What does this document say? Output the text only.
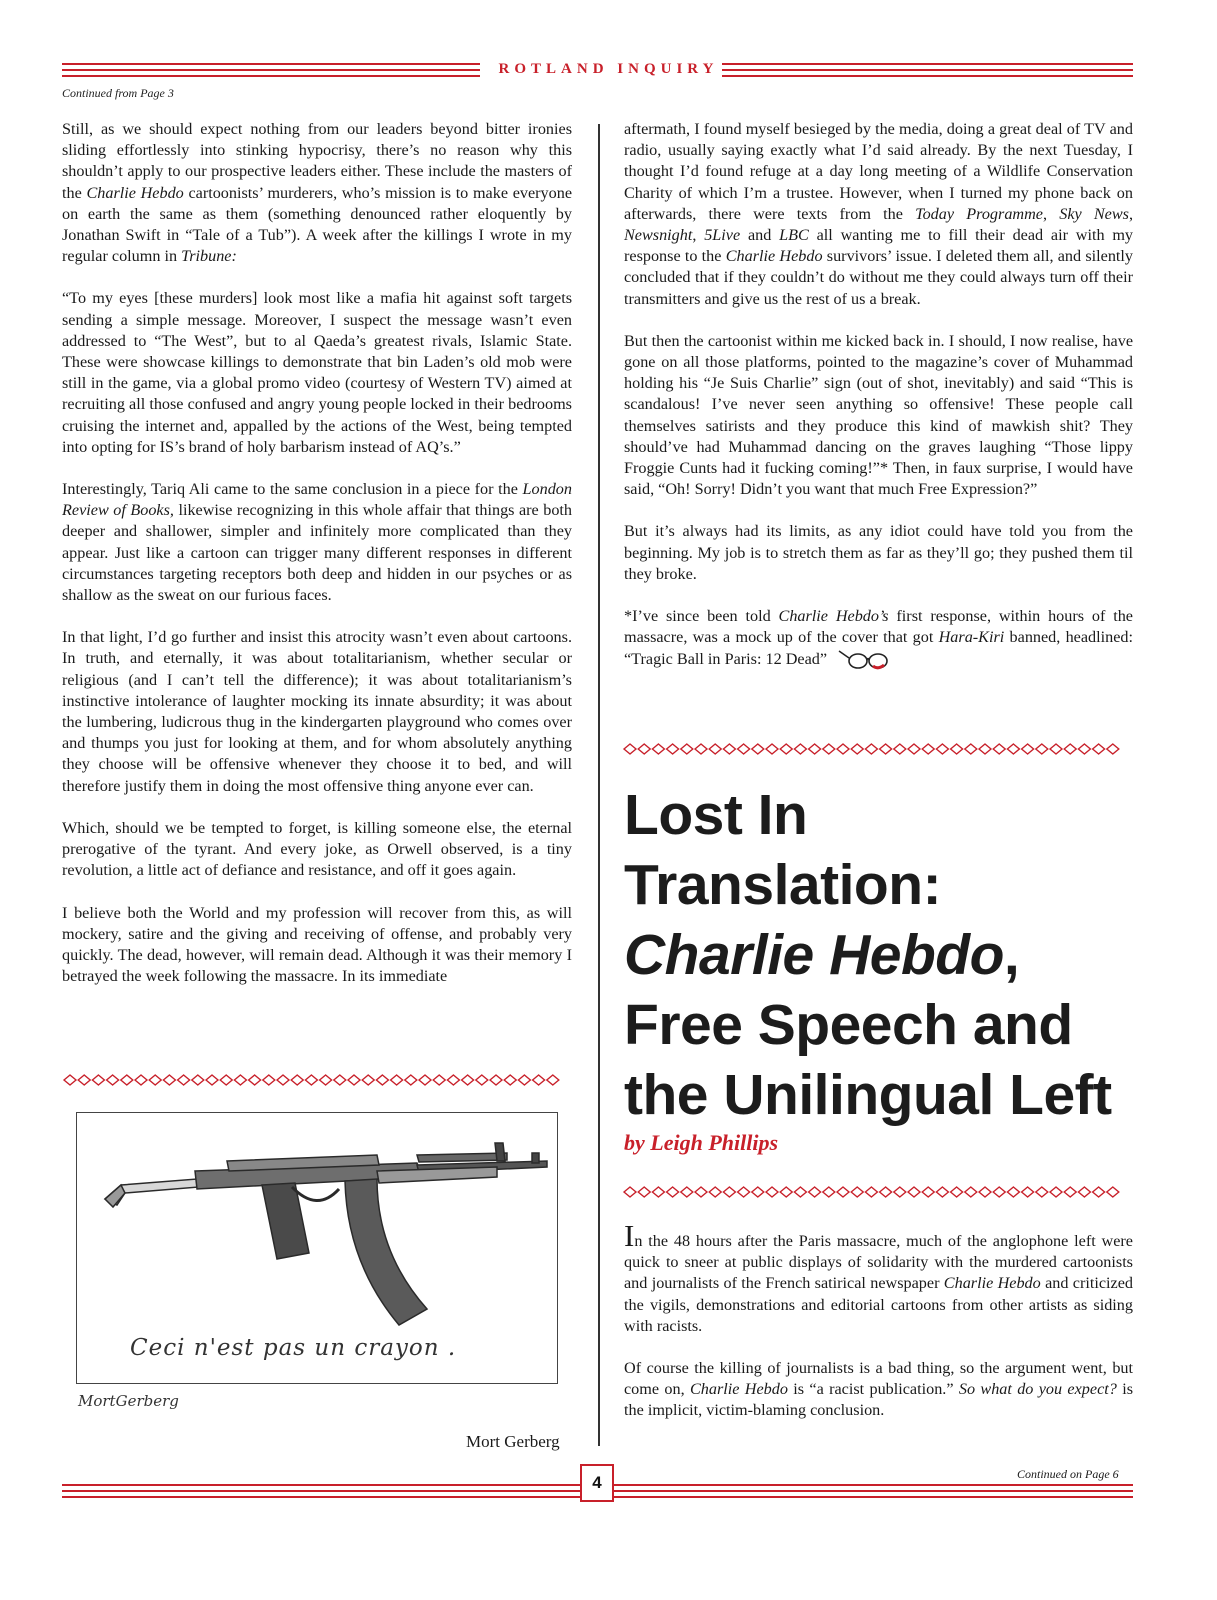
ROTLAND INQUIRY
Continued from Page 3

Still, as we should expect nothing from our leaders beyond bitter ironies sliding effortlessly into stinking hypocrisy, there’s no reason why this shouldn’t apply to our prospective leaders either. These include the masters of the Charlie Hebdo cartoonists’ murderers, who’s mission is to make everyone on earth the same as them (something denounced rather eloquently by Jonathan Swift in “Tale of a Tub”). A week after the killings I wrote in my regular column in Tribune:

“To my eyes [these murders] look most like a mafia hit against soft targets sending a simple message. Moreover, I suspect the message wasn’t even addressed to “The West”, but to al Qaeda’s greatest rivals, Islamic State. These were showcase killings to demonstrate that bin Laden’s old mob were still in the game, via a global promo video (courtesy of Western TV) aimed at recruiting all those confused and angry young people locked in their bedrooms cruising the internet and, appalled by the actions of the West, being tempted into opting for IS’s brand of holy barbarism instead of AQ’s.”

Interestingly, Tariq Ali came to the same conclusion in a piece for the London Review of Books, likewise recognizing in this whole affair that things are both deeper and shallower, simpler and infinitely more complicated than they appear. Just like a cartoon can trigger many different responses in different circumstances targeting receptors both deep and hidden in our psyches or as shallow as the sweat on our furious faces.

In that light, I’d go further and insist this atrocity wasn’t even about cartoons. In truth, and eternally, it was about totalitarianism, whether secular or religious (and I can’t tell the difference); it was about totalitarianism’s instinctive intolerance of laughter mocking its innate absurdity; it was about the lumbering, ludicrous thug in the kindergarten playground who comes over and thumps you just for looking at them, and for whom absolutely anything they choose will be offensive whenever they choose it to bed, and will therefore justify them in doing the most offensive thing anyone ever can.

Which, should we be tempted to forget, is killing someone else, the eternal prerogative of the tyrant. And every joke, as Orwell observed, is a tiny revolution, a little act of defiance and resistance, and off it goes again.

I believe both the World and my profession will recover from this, as will mockery, satire and the giving and receiving of offense, and probably very quickly. The dead, however, will remain dead. Although it was their memory I betrayed the week following the massacre. In its immediate

aftermath, I found myself besieged by the media, doing a great deal of TV and radio, usually saying exactly what I’d said already. By the next Tuesday, I thought I’d found refuge at a day long meeting of a Wildlife Conservation Charity of which I’m a trustee. However, when I turned my phone back on afterwards, there were texts from the Today Programme, Sky News, Newsnight, 5Live and LBC all wanting me to fill their dead air with my response to the Charlie Hebdo survivors’ issue. I deleted them all, and silently concluded that if they couldn’t do without me they could always turn off their transmitters and give us the rest of us a break.

But then the cartoonist within me kicked back in. I should, I now realise, have gone on all those platforms, pointed to the magazine’s cover of Muhammad holding his “Je Suis Charlie” sign (out of shot, inevitably) and said “This is scandalous! I’ve never seen anything so offensive! These people call themselves satirists and they produce this kind of mawkish shit? They should’ve had Muhammad dancing on the graves laughing “Those lippy Froggie Cunts had it fucking coming!”* Then, in faux surprise, I would have said, “Oh! Sorry! Didn’t you want that much Free Expression?”

But it’s always had its limits, as any idiot could have told you from the beginning. My job is to stretch them as far as they’ll go; they pushed them til they broke.

*I’ve since been told Charlie Hebdo’s first response, within hours of the massacre, was a mock up of the cover that got Hara-Kiri banned, headlined: “Tragic Ball in Paris: 12 Dead”

Lost In
Translation:
Charlie Hebdo,
Free Speech and
the Unilingual Left
by Leigh Phillips

In the 48 hours after the Paris massacre, much of the anglophone left were quick to sneer at public displays of solidarity with the murdered cartoonists and journalists of the French satirical newspaper Charlie Hebdo and criticized the vigils, demonstrations and editorial cartoons from other artists as siding with racists.

Of course the killing of journalists is a bad thing, so the argument went, but come on, Charlie Hebdo is “a racist publication.” So what do you expect? is the implicit, victim-blaming conclusion.

Ceci n'est pas un crayon .
MortGerberg
Mort Gerberg
4	Continued on Page 6
